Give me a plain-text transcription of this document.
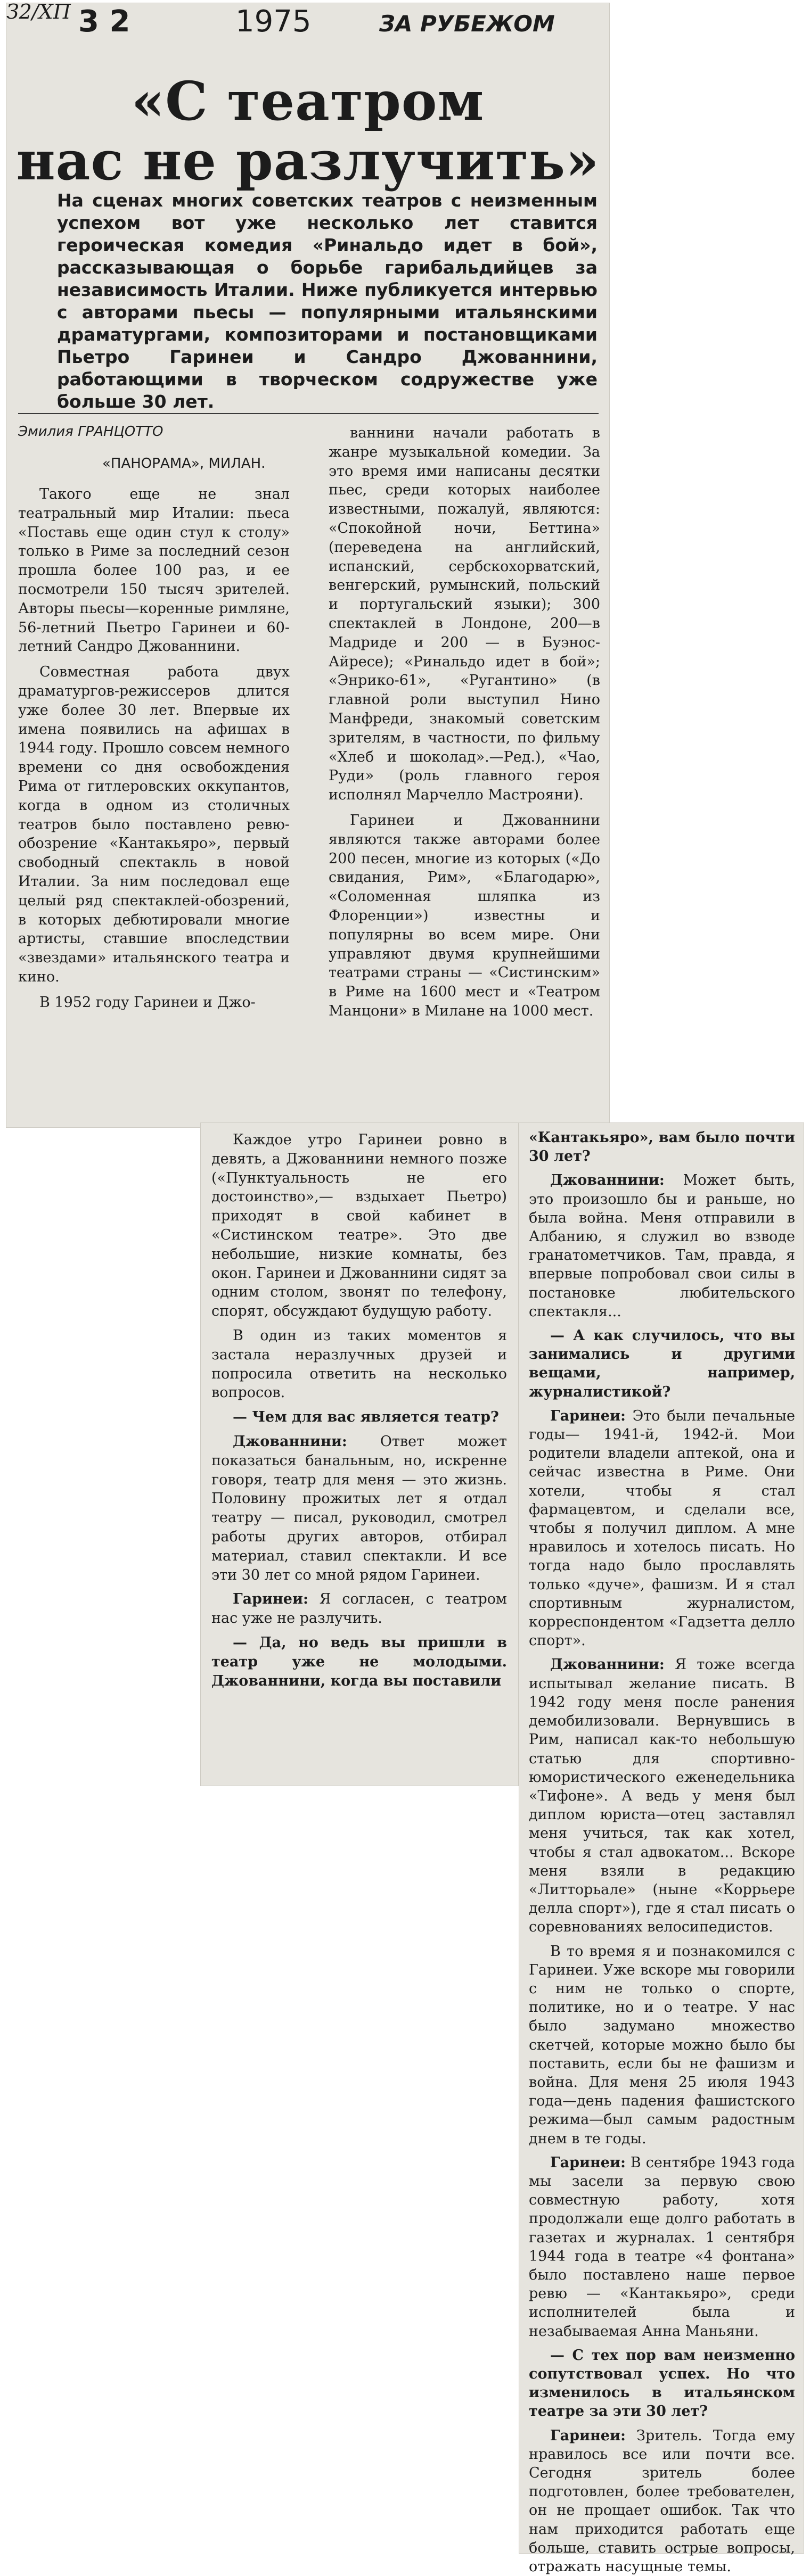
З2/ХП 3 2	1975	ЗА РУБЕЖОМ
«С театром
нас не разлучить»

На сценах многих советских театров с неизменным успехом вот уже несколько лет ставится героическая комедия «Ринальдо идет в бой», рассказывающая о борьбе гарибальдийцев за независимость Италии. Ниже публикуется интервью с авторами пьесы — популярными итальянскими драматургами, композиторами и постановщиками Пьетро Гаринеи и Сандро Джованнини, работающими в творческом содружестве уже больше 30 лет.

Эмилия ГРАНЦОТТО
«ПАНОРАМА», МИЛАН.

Такого еще не знал театральный мир Италии: пьеса «Поставь еще один стул к столу» только в Риме за последний сезон прошла более 100 раз, и ее посмотрели 150 тысяч зрителей. Авторы пьесы—коренные римляне, 56-летний Пьетро Гаринеи и 60-летний Сандро Джованнини.

Совместная работа двух драматургов-режиссеров длится уже более 30 лет. Впервые их имена появились на афишах в 1944 году. Прошло совсем немного времени со дня освобождения Рима от гитлеровских оккупантов, когда в одном из столичных театров было поставлено ревю-обозрение «Кантакьяро», первый свободный спектакль в новой Италии. За ним последовал еще целый ряд спектаклей-обозрений, в которых дебютировали многие артисты, ставшие впоследствии «звездами» итальянского театра и кино.

В 1952 году Гаринеи и Джо-

ваннини начали работать в жанре музыкальной комедии. За это время ими написаны десятки пьес, среди которых наиболее известными, пожалуй, являются: «Спокойной ночи, Беттина» (переведена на английский, испанский, сербскохорватский, венгерский, румынский, польский и португальский языки); 300 спектаклей в Лондоне, 200—в Мадриде и 200 — в Буэнос-Айресе); «Ринальдо идет в бой»; «Энрико-61», «Ругантино» (в главной роли выступил Нино Манфреди, знакомый советским зрителям, в частности, по фильму «Хлеб и шоколад».—Ред.), «Чао, Руди» (роль главного героя исполнял Марчелло Мастрояни).

Гаринеи и Джованнини являются также авторами более 200 песен, многие из которых («До свидания, Рим», «Благодарю», «Соломенная шляпка из Флоренции») известны и популярны во всем мире. Они управляют двумя крупнейшими театрами страны — «Систинским» в Риме на 1600 мест и «Театром Манцони» в Милане на 1000 мест.

Каждое утро Гаринеи ровно в девять, а Джованнини немного позже («Пунктуальность не его достоинство»,— вздыхает Пьетро) приходят в свой кабинет в «Систинском театре». Это две небольшие, низкие комнаты, без окон. Гаринеи и Джованнини сидят за одним столом, звонят по телефону, спорят, обсуждают будущую работу.

В один из таких моментов я застала неразлучных друзей и попросила ответить на несколько вопросов.

— Чем для вас является театр?

Джованнини: Ответ может показаться банальным, но, искренне говоря, театр для меня — это жизнь. Половину прожитых лет я отдал театру — писал, руководил, смотрел работы других авторов, отбирал материал, ставил спектакли. И все эти 30 лет со мной рядом Гаринеи.

Гаринеи: Я согласен, с театром нас уже не разлучить.

— Да, но ведь вы пришли в театр уже не молодыми. Джованнини, когда вы поставили

«Кантакьяро», вам было почти 30 лет?

Джованнини: Может быть, это произошло бы и раньше, но была война. Меня отправили в Албанию, я служил во взводе гранатометчиков. Там, правда, я впервые попробовал свои силы в постановке любительского спектакля...

— А как случилось, что вы занимались и другими вещами, например, журналистикой?

Гаринеи: Это были печальные годы— 1941-й, 1942-й. Мои родители владели аптекой, она и сейчас известна в Риме. Они хотели, чтобы я стал фармацевтом, и сделали все, чтобы я получил диплом. А мне нравилось и хотелось писать. Но тогда надо было прославлять только «дуче», фашизм. И я стал спортивным журналистом, корреспондентом «Гадзетта делло спорт».

Джованнини: Я тоже всегда испытывал желание писать. В 1942 году меня после ранения демобилизовали. Вернувшись в Рим, написал как-то небольшую статью для спортивно-юмористического еженедельника «Тифоне». А ведь у меня был диплом юриста—отец заставлял меня учиться, так как хотел, чтобы я стал адвокатом... Вскоре меня взяли в редакцию «Литторьале» (ныне «Коррьере делла спорт»), где я стал писать о соревнованиях велосипедистов.

В то время я и познакомился с Гаринеи. Уже вскоре мы говорили с ним не только о спорте, политике, но и о театре. У нас было задумано множество скетчей, которые можно было бы поставить, если бы не фашизм и война. Для меня 25 июля 1943 года—день падения фашистского режима—был самым радостным днем в те годы.

Гаринеи: В сентябре 1943 года мы засели за первую свою совместную работу, хотя продолжали еще долго работать в газетах и журналах. 1 сентября 1944 года в театре «4 фонтана» было поставлено наше первое ревю — «Кантакьяро», среди исполнителей была и незабываемая Анна Маньяни.

— С тех пор вам неизменно сопутствовал успех. Но что изменилось в итальянском театре за эти 30 лет?

Гаринеи: Зритель. Тогда ему нравилось все или почти все. Сегодня зритель более подготовлен, более требователен, он не прощает ошибок. Так что нам приходится работать еще больше, ставить острые вопросы, отражать насущные темы.
